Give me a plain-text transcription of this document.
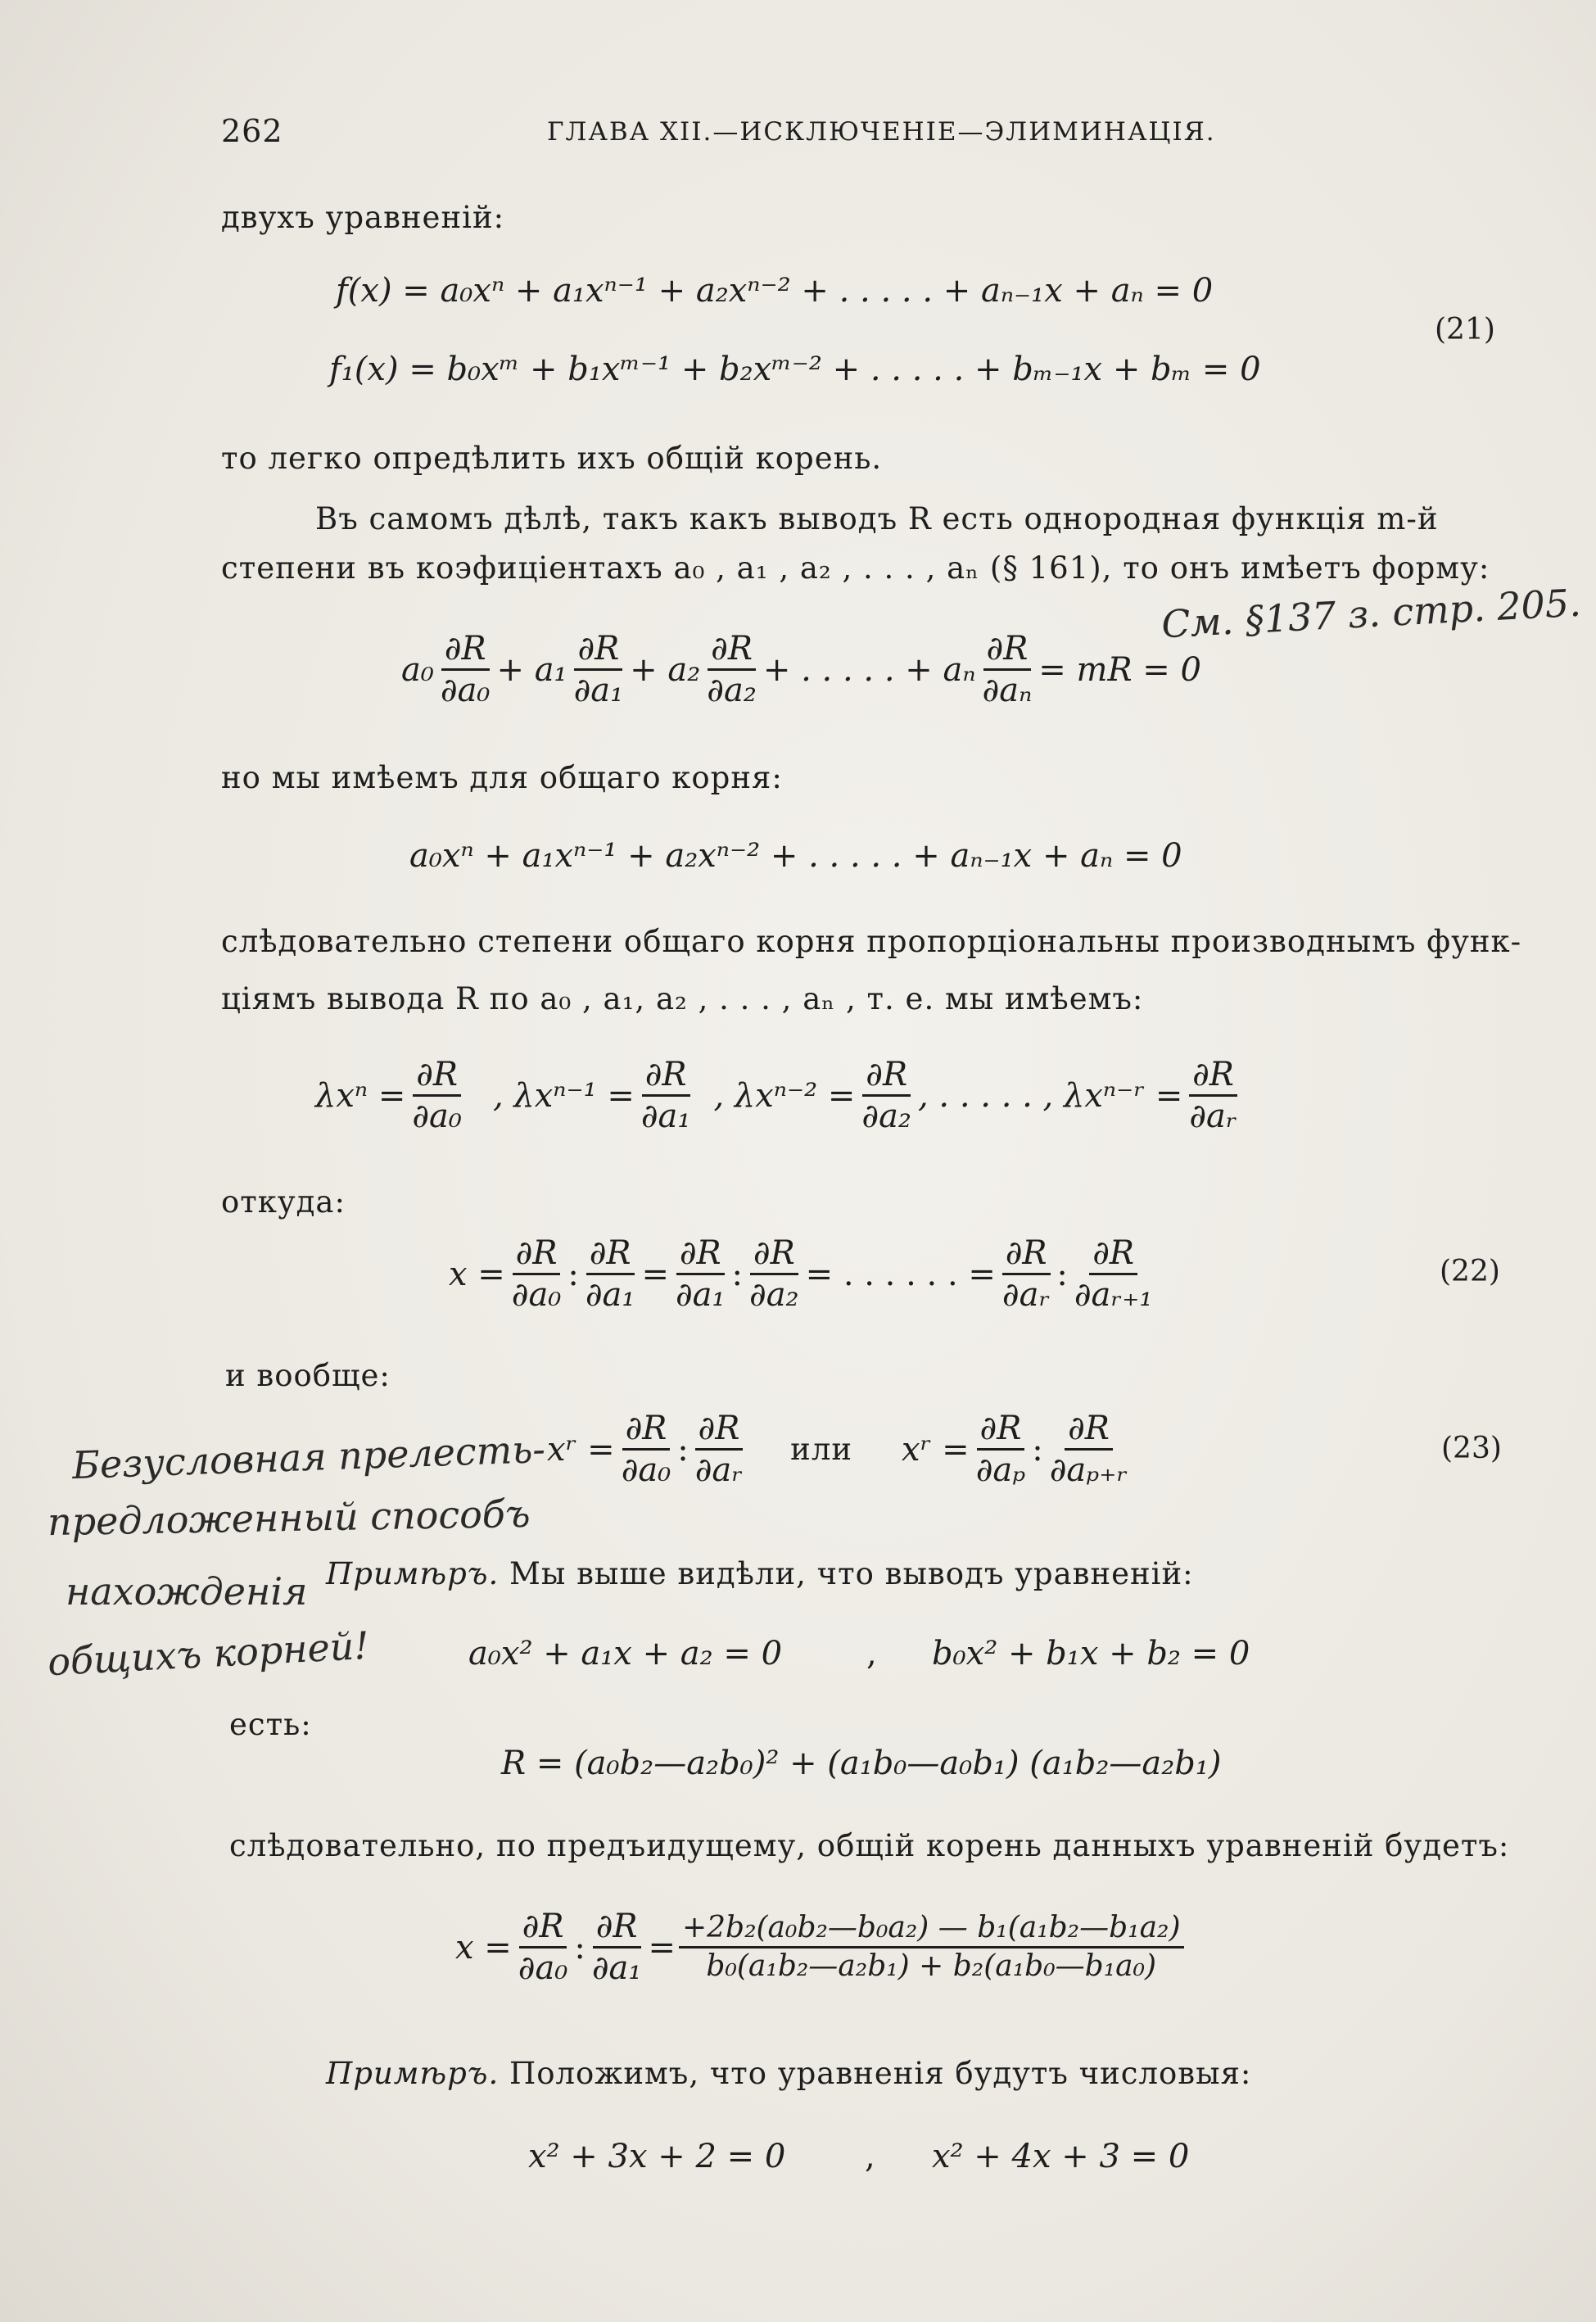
262	ГЛАВА XII.—ИСКЛЮЧЕНІЕ—ЭЛИМИНАЦІЯ.
двухъ уравненій:
f(x) = a₀xⁿ + a₁xⁿ⁻¹ + a₂xⁿ⁻² + . . . . . + aₙ₋₁x + aₙ = 0
f₁(x) = b₀xᵐ + b₁xᵐ⁻¹ + b₂xᵐ⁻² + . . . . . + bₘ₋₁x + bₘ = 0
(21)
то легко опредѣлить ихъ общій корень.
Въ самомъ дѣлѣ, такъ какъ выводъ R есть однородная функція m-й
степени въ коэфиціентахъ a₀ , a₁ , a₂ , . . . , aₙ (§ 161), то онъ имѣетъ форму:
См. §137 з. стр. 205.
$a_0 \frac{\partial R}{\text{∂a₀}} + a_1 \frac{\partial R}{\text{∂a₁}} + a_2 \frac{\partial R}{\text{∂a₂}}$ + . . . . . + aₙ $\frac{\partial R}{\text{∂aₙ}}$ = mR = 0
но мы имѣемъ для общаго корня:
a₀xⁿ + a₁xⁿ⁻¹ + a₂xⁿ⁻² + . . . . . + aₙ₋₁x + aₙ = 0
слѣдовательно степени общаго корня пропорціональны производнымъ функ-
ціямъ вывода R по a₀ , a₁, a₂ , . . . , aₙ , т. е. мы имѣемъ:
$\lambda x^n = \frac{\partial R}{\text{∂a₀}}$ , $\lambda x^{n-1} = \frac{\partial R}{\text{∂a₁}}$ , $\lambda x^{n-2} = \frac{\partial R}{\text{∂a₂}}$ , . . . . . , λxⁿ⁻ʳ = $\frac{\partial R}{\text{∂aᵣ}}$
откуда:
$x = \frac{\partial R}{\text{∂a₀}}$ : $\frac{\partial R}{\text{∂a₁}} = \frac{\partial R}{\text{∂a₁}}$ : $\frac{\partial R}{\text{∂a₂}}$ = . . . . . . = $\frac{\partial R}{\text{∂aᵣ}}$ : $\frac{\partial R}{\text{∂aᵣ₊₁}}$	(22)
и вообще:
Безусловная прелесть-
предложенный способъ
нахожденія
общихъ корней!
xʳ = $\frac{\partial R}{\text{∂a₀}}$ : $\frac{\partial R}{\text{∂aᵣ}}$ или xʳ = $\frac{\partial R}{\text{∂aₚ}}$ : $\frac{\partial R}{\text{∂aₚ₊ᵣ}}$	(23)
Примѣръ. Мы выше видѣли, что выводъ уравненій:
a₀x² + a₁x + a₂ = 0	, b₀x² + b₁x + b₂ = 0
есть:
R = (a₀b₂—a₂b₀)² + (a₁b₀—a₀b₁) (a₁b₂—a₂b₁)
слѣдовательно, по предъидущему, общій корень данныхъ уравненій будетъ:
$x = \frac{\partial R}{\text{∂a₀}}$ : $\frac{\partial R}{\text{∂a₁}} = \frac{\text{+2b₂(a₀b₂—b₀a₂) — b₁(a₁b₂—b₁a₂)}}{\text{b₀(a₁b₂—a₂b₁) + b₂(a₁b₀—b₁a₀)}}$
Примѣръ. Положимъ, что уравненія будутъ числовыя:
x² + 3x + 2 = 0 , x² + 4x + 3 = 0
